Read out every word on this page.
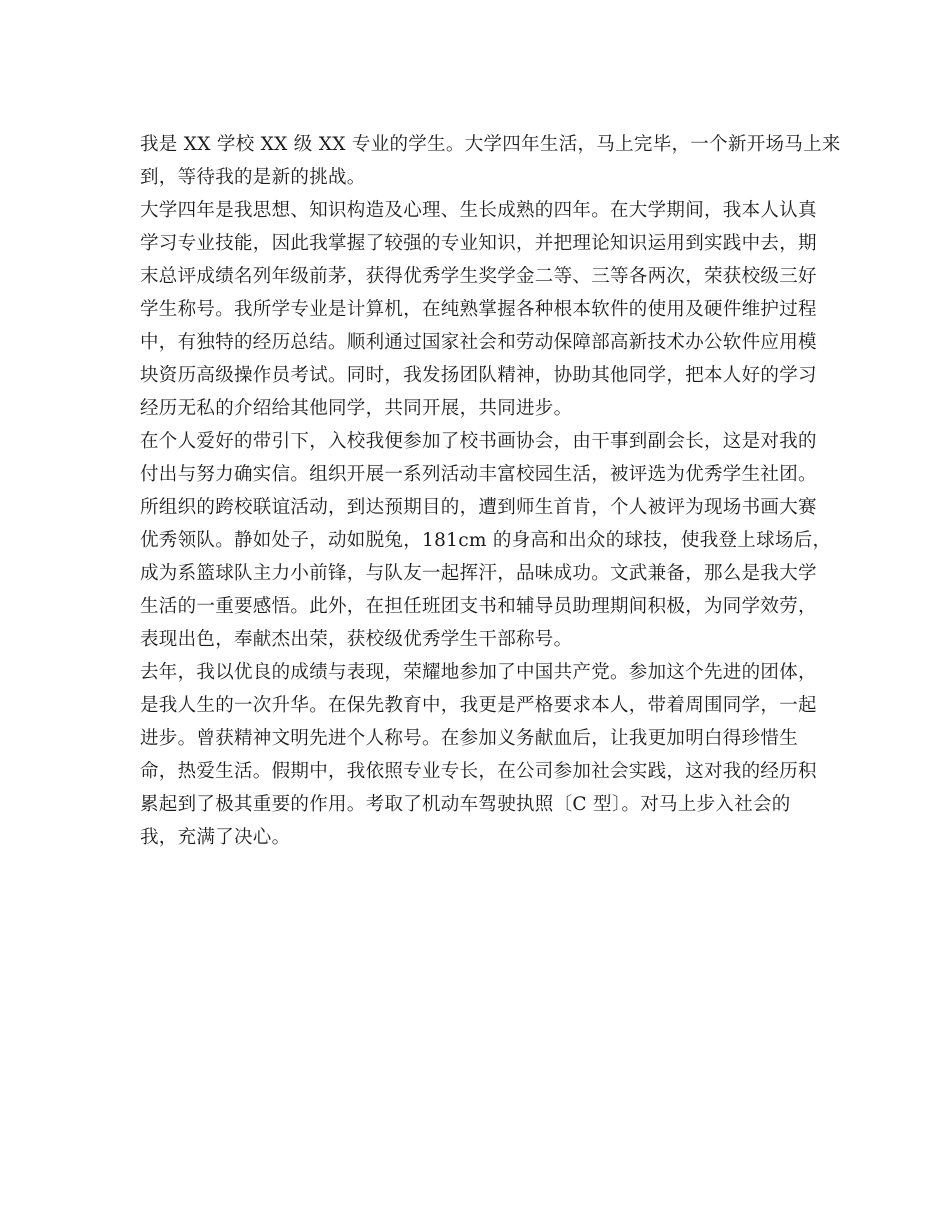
我是 XX 学校 XX 级 XX 专业的学生。大学四年生活，马上完毕，一个新开场马上来
到，等待我的是新的挑战。
大学四年是我思想、知识构造及心理、生长成熟的四年。在大学期间，我本人认真
学习专业技能，因此我掌握了较强的专业知识，并把理论知识运用到实践中去，期
末总评成绩名列年级前茅，获得优秀学生奖学金二等、三等各两次，荣获校级三好
学生称号。我所学专业是计算机，在纯熟掌握各种根本软件的使用及硬件维护过程
中，有独特的经历总结。顺利通过国家社会和劳动保障部高新技术办公软件应用模
块资历高级操作员考试。同时，我发扬团队精神，协助其他同学，把本人好的学习
经历无私的介绍给其他同学，共同开展，共同进步。
在个人爱好的带引下，入校我便参加了校书画协会，由干事到副会长，这是对我的
付出与努力确实信。组织开展一系列活动丰富校园生活，被评选为优秀学生社团。
所组织的跨校联谊活动，到达预期目的，遭到师生首肯，个人被评为现场书画大赛
优秀领队。静如处子，动如脱兔，181cm 的身高和出众的球技，使我登上球场后，
成为系篮球队主力小前锋，与队友一起挥汗，品味成功。文武兼备，那么是我大学
生活的一重要感悟。此外，在担任班团支书和辅导员助理期间积极，为同学效劳，
表现出色，奉献杰出荣，获校级优秀学生干部称号。
去年，我以优良的成绩与表现，荣耀地参加了中国共产党。参加这个先进的团体，
是我人生的一次升华。在保先教育中，我更是严格要求本人，带着周围同学，一起
进步。曾获精神文明先进个人称号。在参加义务献血后，让我更加明白得珍惜生
命，热爱生活。假期中，我依照专业专长，在公司参加社会实践，这对我的经历积
累起到了极其重要的作用。考取了机动车驾驶执照〔C 型〕。对马上步入社会的
我，充满了决心。
